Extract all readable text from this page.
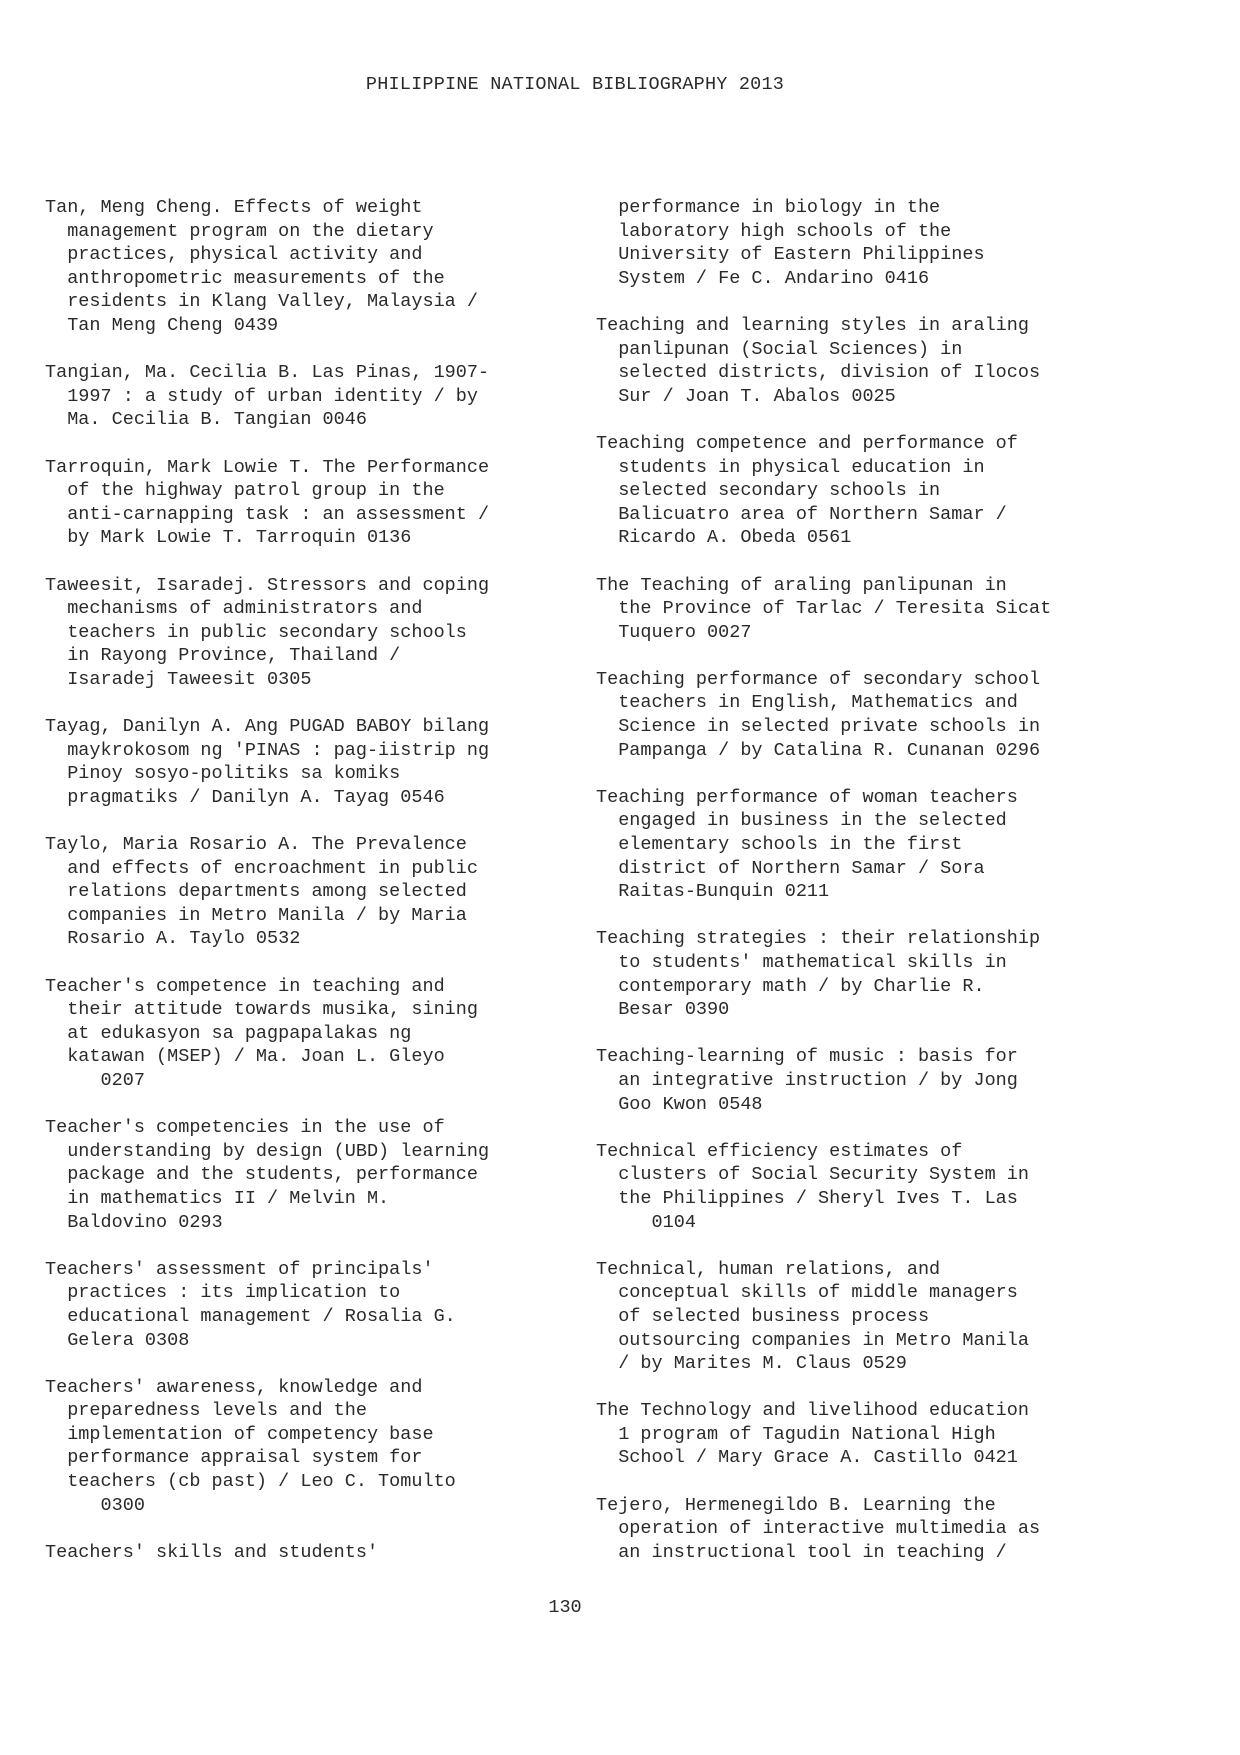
PHILIPPINE NATIONAL BIBLIOGRAPHY 2013
Tan, Meng Cheng. Effects of weight
management program on the dietary
practices, physical activity and
anthropometric measurements of the
residents in Klang Valley, Malaysia /
Tan Meng Cheng 0439
Tangian, Ma. Cecilia B. Las Pinas, 1907-
1997 : a study of urban identity / by
Ma. Cecilia B. Tangian 0046
Tarroquin, Mark Lowie T. The Performance
of the highway patrol group in the
anti-carnapping task : an assessment /
by Mark Lowie T. Tarroquin 0136
Taweesit, Isaradej. Stressors and coping
mechanisms of administrators and
teachers in public secondary schools
in Rayong Province, Thailand /
Isaradej Taweesit 0305
Tayag, Danilyn A. Ang PUGAD BABOY bilang
maykrokosom ng 'PINAS : pag-iistrip ng
Pinoy sosyo-politiks sa komiks
pragmatiks / Danilyn A. Tayag 0546
Taylo, Maria Rosario A. The Prevalence
and effects of encroachment in public
relations departments among selected
companies in Metro Manila / by Maria
Rosario A. Taylo 0532
Teacher's competence in teaching and
their attitude towards musika, sining
at edukasyon sa pagpapalakas ng
katawan (MSEP) / Ma. Joan L. Gleyo
0207
Teacher's competencies in the use of
understanding by design (UBD) learning
package and the students, performance
in mathematics II / Melvin M.
Baldovino 0293
Teachers' assessment of principals'
practices : its implication to
educational management / Rosalia G.
Gelera 0308
Teachers' awareness, knowledge and
preparedness levels and the
implementation of competency base
performance appraisal system for
teachers (cb past) / Leo C. Tomulto
0300
Teachers' skills and students'
performance in biology in the
laboratory high schools of the
University of Eastern Philippines
System / Fe C. Andarino 0416
Teaching and learning styles in araling
panlipunan (Social Sciences) in
selected districts, division of Ilocos
Sur / Joan T. Abalos 0025
Teaching competence and performance of
students in physical education in
selected secondary schools in
Balicuatro area of Northern Samar /
Ricardo A. Obeda 0561
The Teaching of araling panlipunan in
the Province of Tarlac / Teresita Sicat
Tuquero 0027
Teaching performance of secondary school
teachers in English, Mathematics and
Science in selected private schools in
Pampanga / by Catalina R. Cunanan 0296
Teaching performance of woman teachers
engaged in business in the selected
elementary schools in the first
district of Northern Samar / Sora
Raitas-Bunquin 0211
Teaching strategies : their relationship
to students' mathematical skills in
contemporary math / by Charlie R.
Besar 0390
Teaching-learning of music : basis for
an integrative instruction / by Jong
Goo Kwon 0548
Technical efficiency estimates of
clusters of Social Security System in
the Philippines / Sheryl Ives T. Las
0104
Technical, human relations, and
conceptual skills of middle managers
of selected business process
outsourcing companies in Metro Manila
/ by Marites M. Claus 0529
The Technology and livelihood education
1 program of Tagudin National High
School / Mary Grace A. Castillo 0421
Tejero, Hermenegildo B. Learning the
operation of interactive multimedia as
an instructional tool in teaching /
130
